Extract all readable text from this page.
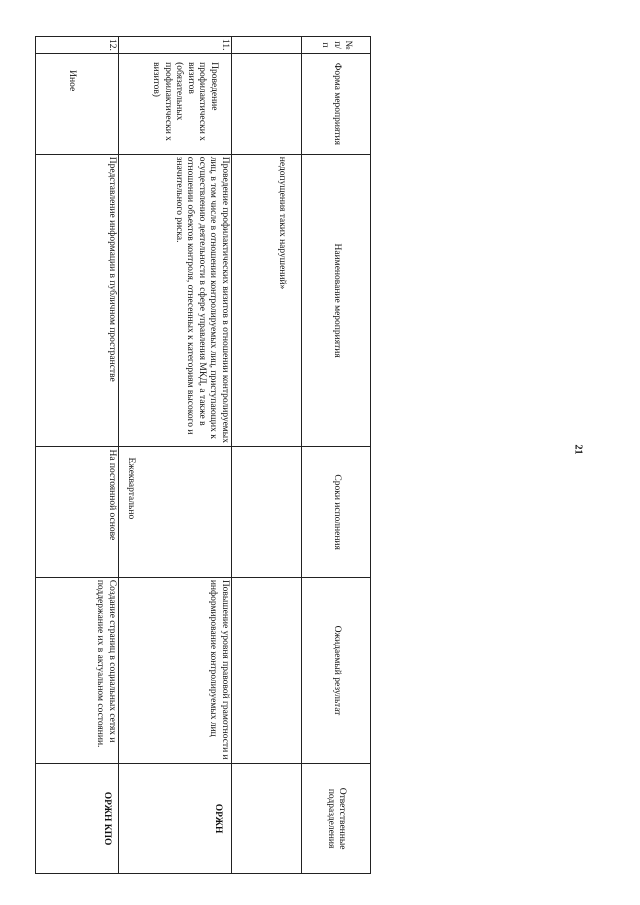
№ п/п	Форма мероприятия	Наименование мероприятия	Сроки исполнения	Ожидаемый результат	Ответственные подразделения
		недопущения таких нарушений»			
11.	Проведение профилактически х визитов (обязательных профилактически х визитов)	Проведение профилактических визитов в отношении контролируемых лиц, в том числе в отношении контролируемых лиц, приступающих к осуществлению деятельности в сфере управления МКД, а также в отношении объектов контроля, отнесенных к категориям высокого и значительного риска.	Ежеквартально	Повышение уровня правовой грамотности и информирование контролируемых лиц	ОРЖН
12.	Иное	Представление информации в публичном пространстве	На постоянной основе	Создание страниц в социальных сетях и поддержание их в актуальном состоянии.	ОРЖН КПО
21
